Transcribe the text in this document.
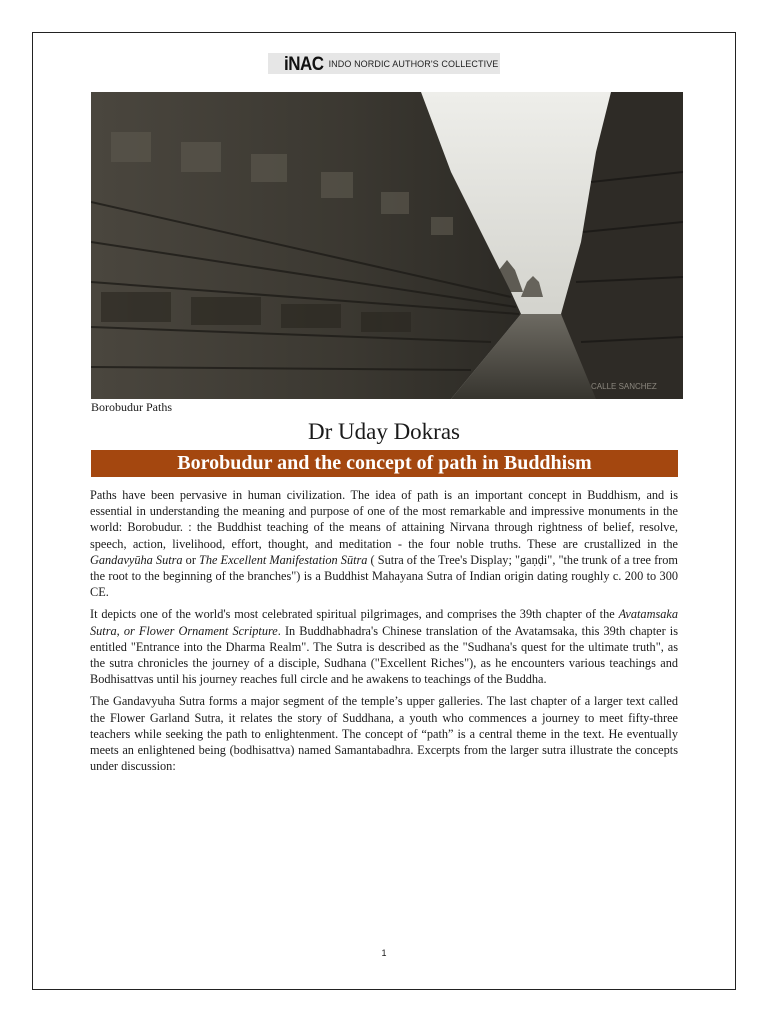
iNAC INDO NORDIC AUTHOR'S COLLECTIVE
CALLE SANCHEZ
Borobudur Paths
Dr Uday Dokras
Borobudur and the concept of path in Buddhism

Paths have been pervasive in human civilization. The idea of path is an important concept in Buddhism, and is essential in understanding the meaning and purpose of one of the most remarkable and impressive monuments in the world: Borobudur. : the Buddhist teaching of the means of attaining Nirvana through rightness of belief, resolve, speech, action, livelihood, effort, thought, and meditation - the four noble truths. These are crustallized in the Gandavyūha Sutra or The Excellent Manifestation Sūtra ( Sutra of the Tree's Display; "gaṇḍi", "the trunk of a tree from the root to the beginning of the branches") is a Buddhist Mahayana Sutra of Indian origin dating roughly c. 200 to 300 CE.

It depicts one of the world's most celebrated spiritual pilgrimages, and comprises the 39th chapter of the Avatamsaka Sutra, or Flower Ornament Scripture. In Buddhabhadra's Chinese translation of the Avatamsaka, this 39th chapter is entitled "Entrance into the Dharma Realm". The Sutra is described as the "Sudhana's quest for the ultimate truth", as the sutra chronicles the journey of a disciple, Sudhana ("Excellent Riches"), as he encounters various teachings and Bodhisattvas until his journey reaches full circle and he awakens to teachings of the Buddha.

The Gandavyuha Sutra forms a major segment of the temple’s upper galleries. The last chapter of a larger text called the Flower Garland Sutra, it relates the story of Suddhana, a youth who commences a journey to meet fifty-three teachers while seeking the path to enlightenment. The concept of “path” is a central theme in the text. He eventually meets an enlightened being (bodhisattva) named Samantabadhra. Excerpts from the larger sutra illustrate the concepts under discussion:

1
